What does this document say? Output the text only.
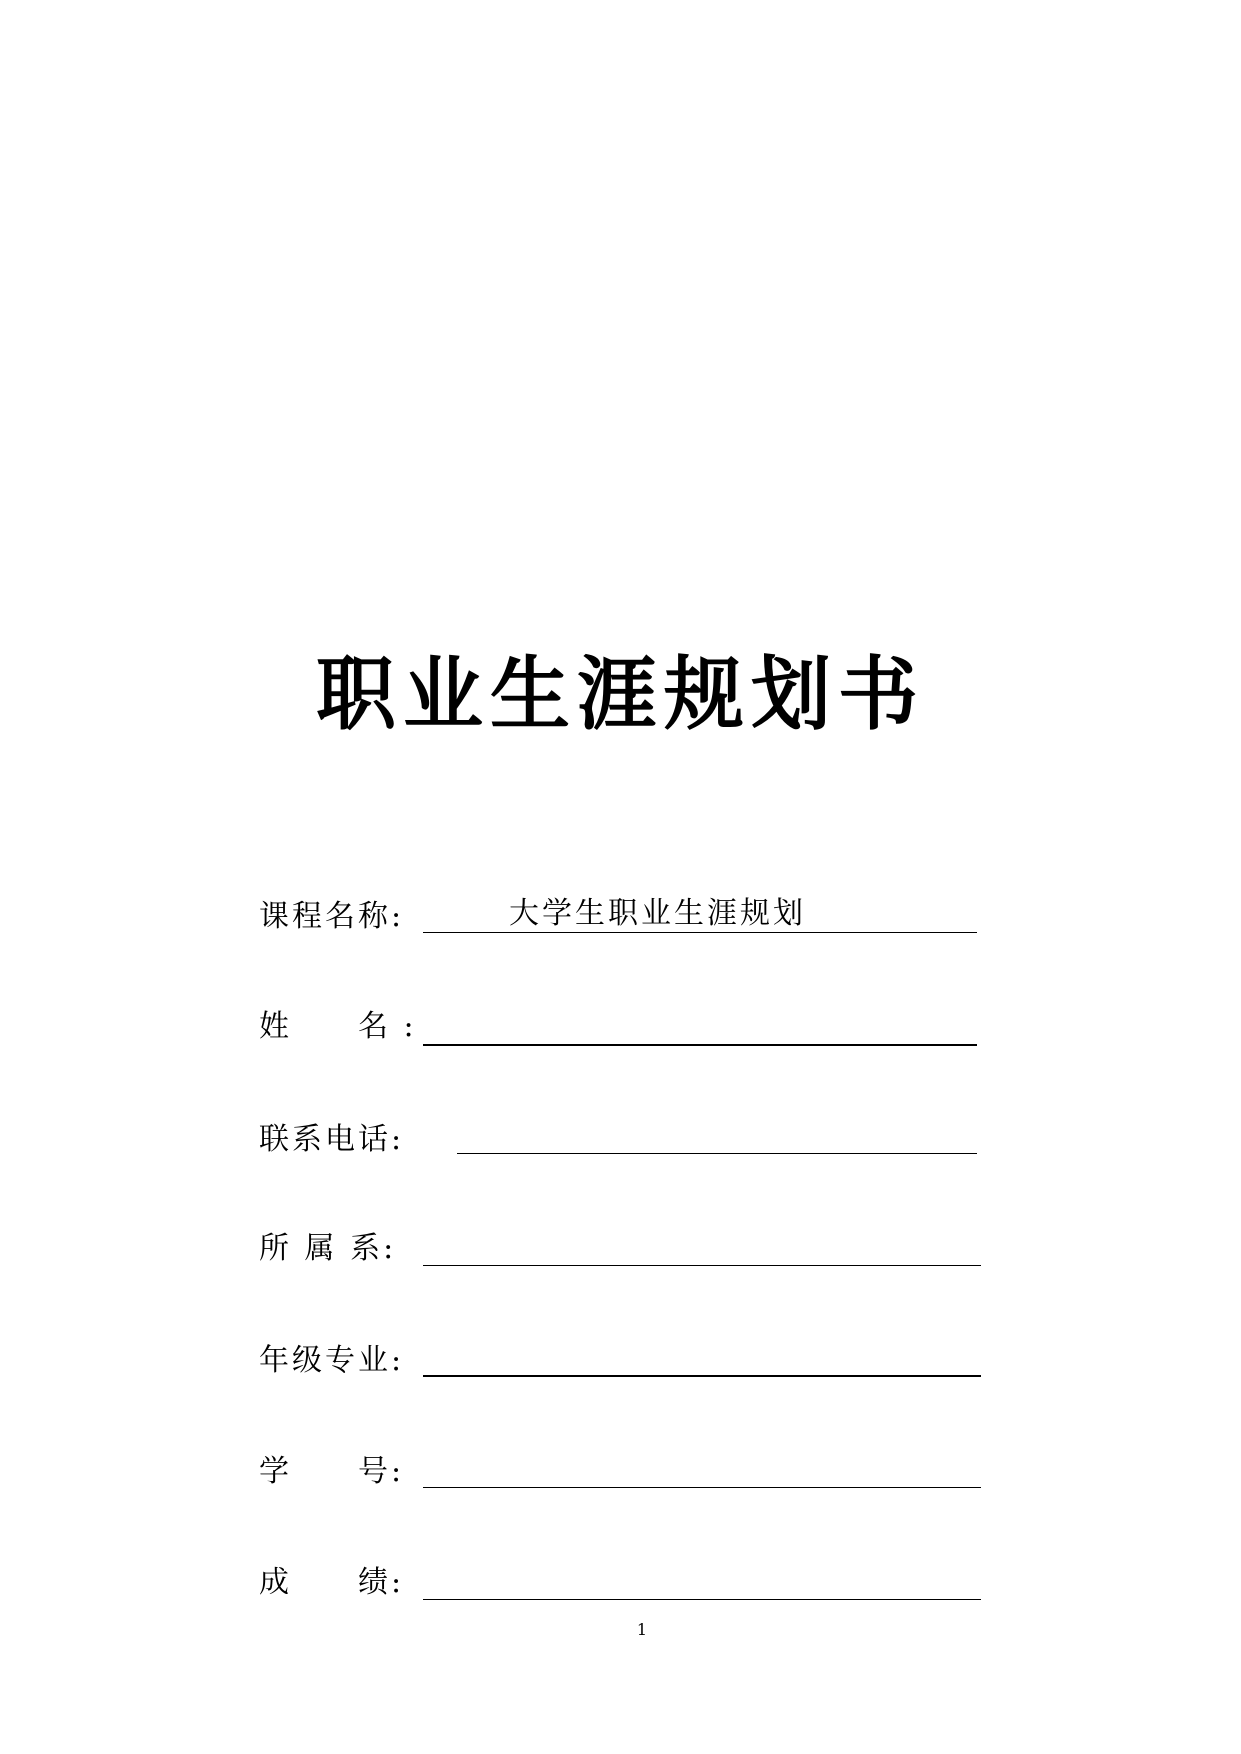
职业生涯规划书
课程名称:	大学生职业生涯规划
姓　　名 :
联系电话:
所 属 系:
年级专业:
学　　号:
成　　绩:
1
